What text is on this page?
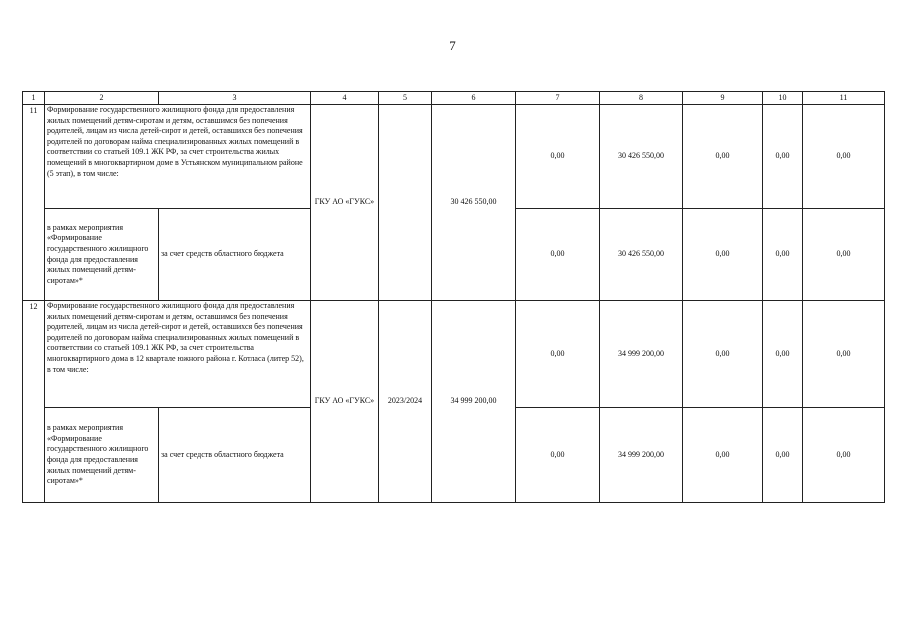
7
1	2	3	4	5	6	7	8	9	10	11
11	Формирование государственного жилищного фонда для предоставления жилых помещений детям-сиротам и детям, оставшимся без попечения родителей, лицам из числа детей-сирот и детей, оставшихся без попечения родителей по договорам найма специализированных жилых помещений в соответствии со статьей 109.1 ЖК РФ, за счет строительства жилых помещений в многоквартирном доме в Устьянском муниципальном районе (5 этап), в том числе:		ГКУ АО «ГУКС»		30 426 550,00	0,00	30 426 550,00	0,00	0,00	0,00
	в рамках мероприятия «Формирование государственного жилищного фонда для предоставления жилых помещений детям-сиротам»*	за счет средств областного бюджета				0,00	30 426 550,00	0,00	0,00	0,00
12	Формирование государственного жилищного фонда для предоставления жилых помещений детям-сиротам и детям, оставшимся без попечения родителей, лицам из числа детей-сирот и детей, оставшихся без попечения родителей по договорам найма специализированных жилых помещений в соответствии со статьей 109.1 ЖК РФ, за счет строительства многоквартирного дома в 12 квартале южного района г. Котласа (литер 52), в том числе:		ГКУ АО «ГУКС»	2023/2024	34 999 200,00	0,00	34 999 200,00	0,00	0,00	0,00
	в рамках мероприятия «Формирование государственного жилищного фонда для предоставления жилых помещений детям-сиротам»*	за счет средств областного бюджета				0,00	34 999 200,00	0,00	0,00	0,00
